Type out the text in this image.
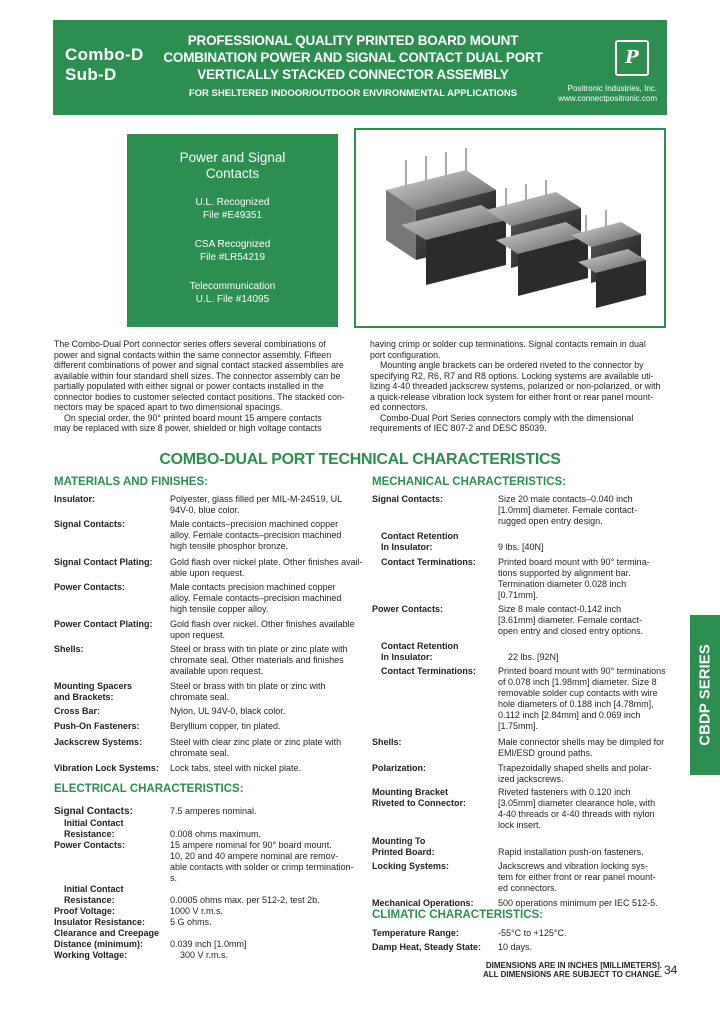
Combo-D
Sub-D
PROFESSIONAL QUALITY PRINTED BOARD MOUNT
COMBINATION POWER AND SIGNAL CONTACT DUAL PORT
VERTICALLY STACKED CONNECTOR ASSEMBLY
FOR SHELTERED INDOOR/OUTDOOR ENVIRONMENTAL APPLICATIONS
P
Positronic Industries, Inc.
www.connectpositronic.com
Power and Signal
Contacts
U.L. Recognized
File #E49351
CSA Recognized
File #LR54219
Telecommunication
U.L. File #14095
The Combo-Dual Port connector series offers several combinations of
power and signal contacts within the same connector assembly. Fifteen
different combinations of power and signal contact stacked assemblies are
available within four standard shell sizes. The connector assembly can be
partially populated with either signal or power contacts installed in the
connector bodies to customer selected contact positions. The stacked con-
nectors may be spaced apart to two dimensional spacings.
On special order, the 90° printed board mount 15 ampere contacts
may be replaced with size 8 power, shielded or high voltage contacts
having crimp or solder cup terminations. Signal contacts remain in dual
port configuration.
Mounting angle brackets can be ordered riveted to the connector by
specifying R2, R6, R7 and R8 options. Locking systems are available uti-
lizing 4-40 threaded jackscrew systems, polarized or non-polarized, or with
a quick-release vibration lock system for either front or rear panel mount-
ed connectors.
Combo-Dual Port Series connectors comply with the dimensional
requirements of IEC 807-2 and DESC 85039.
COMBO-DUAL PORT TECHNICAL CHARACTERISTICS
MATERIALS AND FINISHES:
Insulator:	Polyester, glass filled per MIL-M-24519, UL
94V-0, blue color.
Signal Contacts:	Male contacts–precision machined copper
alloy. Female contacts–precision machined
high tensile phosphor bronze.
Signal Contact Plating: Gold flash over nickel plate. Other finishes avail-
able upon request.
Power Contacts:	Male contacts precision machined copper
alloy. Female contacts–precision machined
high tensile copper alloy.
Power Contact Plating: Gold flash over nickel. Other finishes available
upon request.
Shells:	Steel or brass with tin plate or zinc plate with
chromate seal. Other materials and finishes
available upon request.
Mounting Spacers
and Brackets:
Steel or brass with tin plate or zinc with
chromate seal.
Cross Bar:	Nylon, UL 94V-0, black color.
Push-On Fasteners:	Beryllium copper, tin plated.
Jackscrew Systems:	Steel with clear zinc plate or zinc plate with
chromate seal.
Vibration Lock Systems: Lock tabs, steel with nickel plate.
ELECTRICAL CHARACTERISTICS:
Signal Contacts:	7.5 amperes nominal.
Initial Contact
Resistance:	0.008 ohms maximum.
Power Contacts:	15 ampere nominal for 90° board mount.
10, 20 and 40 ampere nominal are remov-
able contacts with solder or crimp termination-
s.
Initial Contact
Resistance:	0.0005 ohms max. per 512-2, test 2b.
Proof Voltage:	1000 V r.m.s.
Insulator Resistance:	5 G ohms.
Clearance and Creepage
Distance (minimum):	0.039 inch [1.0mm]
Working Voltage:	300 V r.m.s.
MECHANICAL CHARACTERISTICS:
Signal Contacts:	Size 20 male contacts–0.040 inch
[1.0mm] diameter. Female contact-
rugged open entry design.
Contact Retention
In Insulator:	9 lbs. [40N]
Contact Terminations: Printed board mount with 90° termina-
tions supported by alignment bar.
Termination diameter 0.028 inch
[0.71mm].
Power Contacts:	Size 8 male contact-0.142 inch
[3.61mm] diameter. Female contact-
open entry and closed entry options.
Contact Retention
In Insulator:	22 lbs. [92N]
Contact Terminations: Printed board mount with 90° terminations
of 0.078 inch [1.98mm] diameter. Size 8
removable solder cup contacts with wire
hole diameters of 0.188 inch [4.78mm],
0.112 inch [2.84mm] and 0.069 inch
[1.75mm].
Shells:	Male connector shells may be dimpled for
EMI/ESD ground paths.
Polarization:	Trapezoidally shaped shells and polar-
ized jackscrews.
Mounting Bracket
Riveted to Connector:
Riveted fasteners with 0.120 inch
[3.05mm] diameter clearance hole, with
4-40 threads or 4-40 threads with nylon
lock insert.
Mounting To
Printed Board:	Rapid installation push-on fasteners.
Locking Systems:	Jackscrews and vibration locking sys-
tem for either front or rear panel mount-
ed connectors.
Mechanical Operations:	500 operations minimum per IEC 512-5.
CLIMATIC CHARACTERISTICS:
Temperature Range:	-55°C to +125°C.
Damp Heat, Steady State: 10 days.
CBDP SERIES
DIMENSIONS ARE IN INCHES [MILLIMETERS].
ALL DIMENSIONS ARE SUBJECT TO CHANGE. 34
